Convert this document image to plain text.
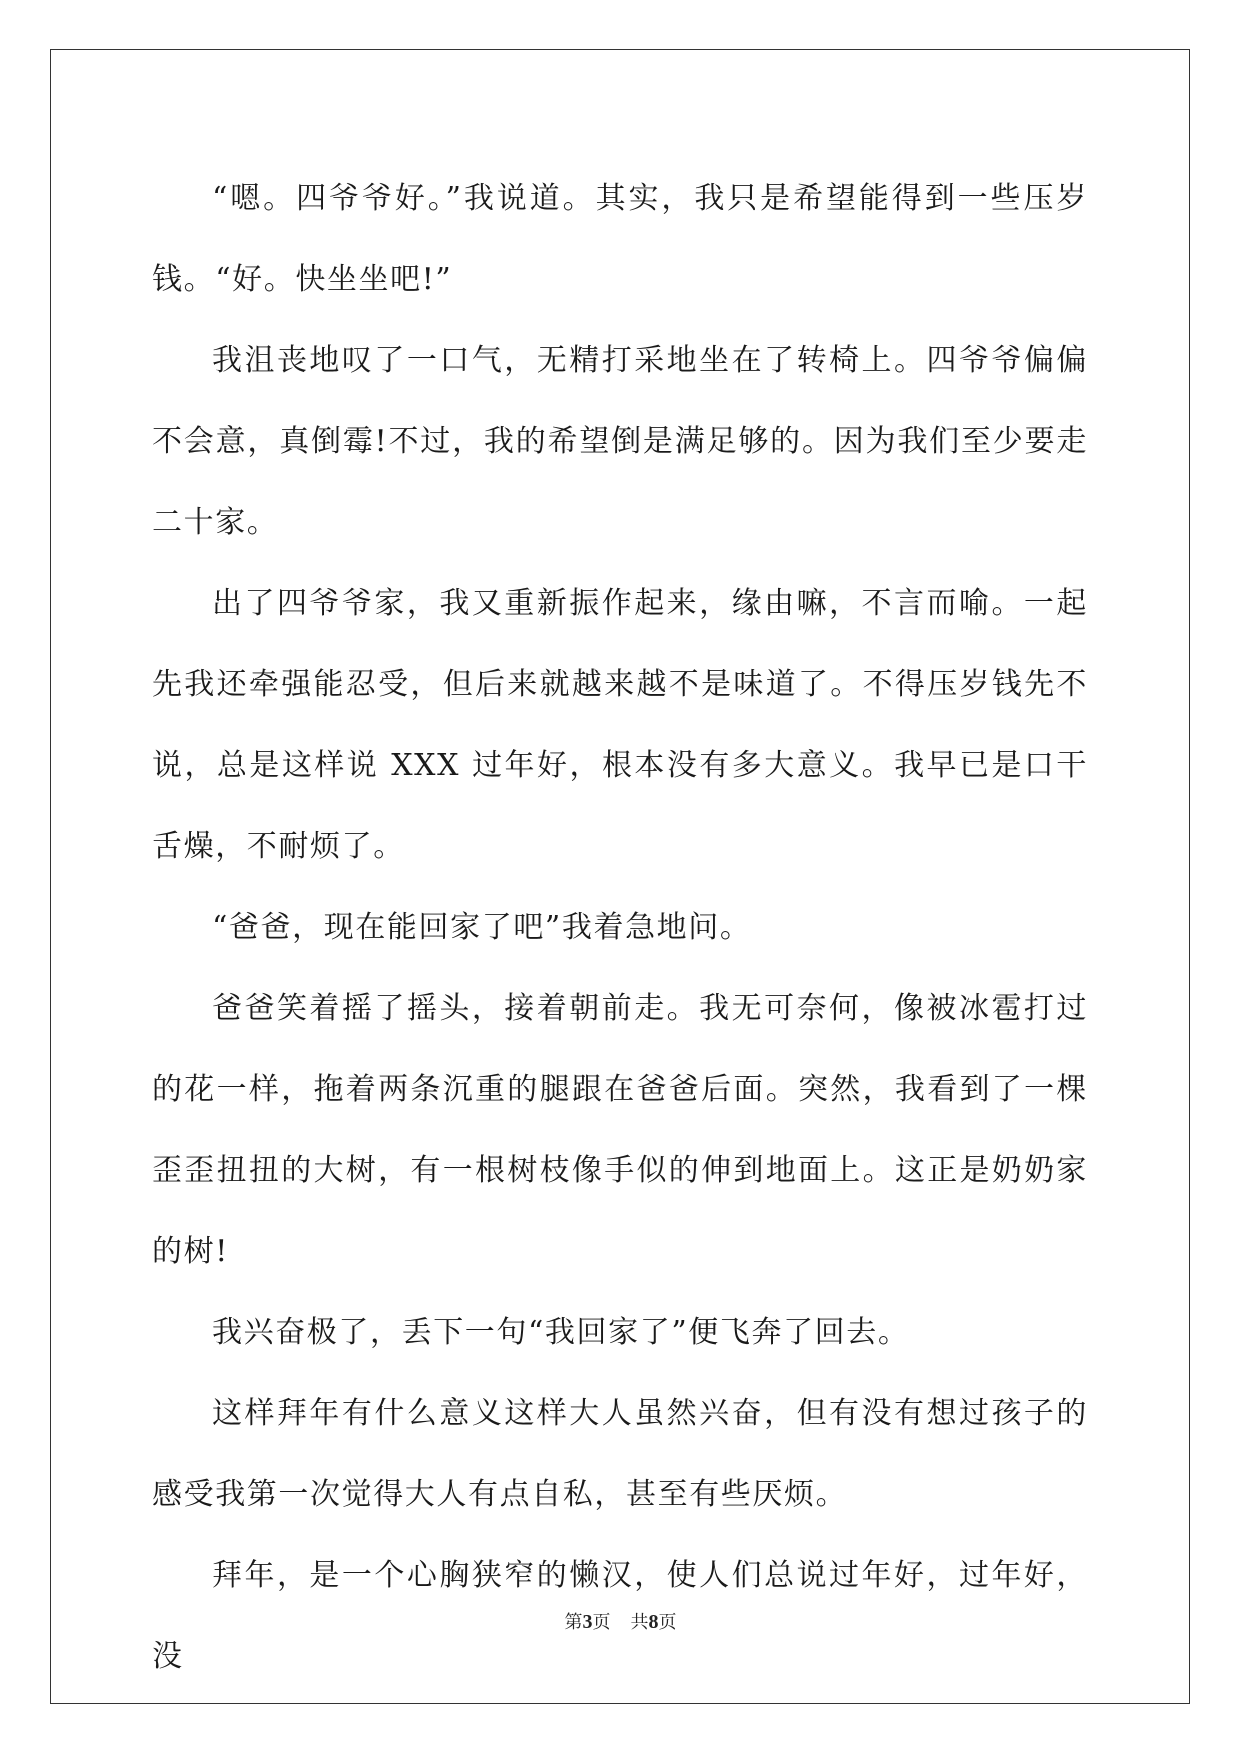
“嗯。四爷爷好。”我说道。其实，我只是希望能得到一些压岁钱。“好。快坐坐吧!”

我沮丧地叹了一口气，无精打采地坐在了转椅上。四爷爷偏偏不会意，真倒霉!不过，我的希望倒是满足够的。因为我们至少要走二十家。

出了四爷爷家，我又重新振作起来，缘由嘛，不言而喻。一起先我还牵强能忍受，但后来就越来越不是味道了。不得压岁钱先不说，总是这样说 XXX 过年好，根本没有多大意义。我早已是口干舌燥，不耐烦了。

“爸爸，现在能回家了吧”我着急地问。

爸爸笑着摇了摇头，接着朝前走。我无可奈何，像被冰雹打过的花一样，拖着两条沉重的腿跟在爸爸后面。突然，我看到了一棵歪歪扭扭的大树，有一根树枝像手似的伸到地面上。这正是奶奶家的树!

我兴奋极了，丢下一句“我回家了”便飞奔了回去。

这样拜年有什么意义这样大人虽然兴奋，但有没有想过孩子的感受我第一次觉得大人有点自私，甚至有些厌烦。

拜年，是一个心胸狭窄的懒汉，使人们总说过年好，过年好，没

第3页 共8页
